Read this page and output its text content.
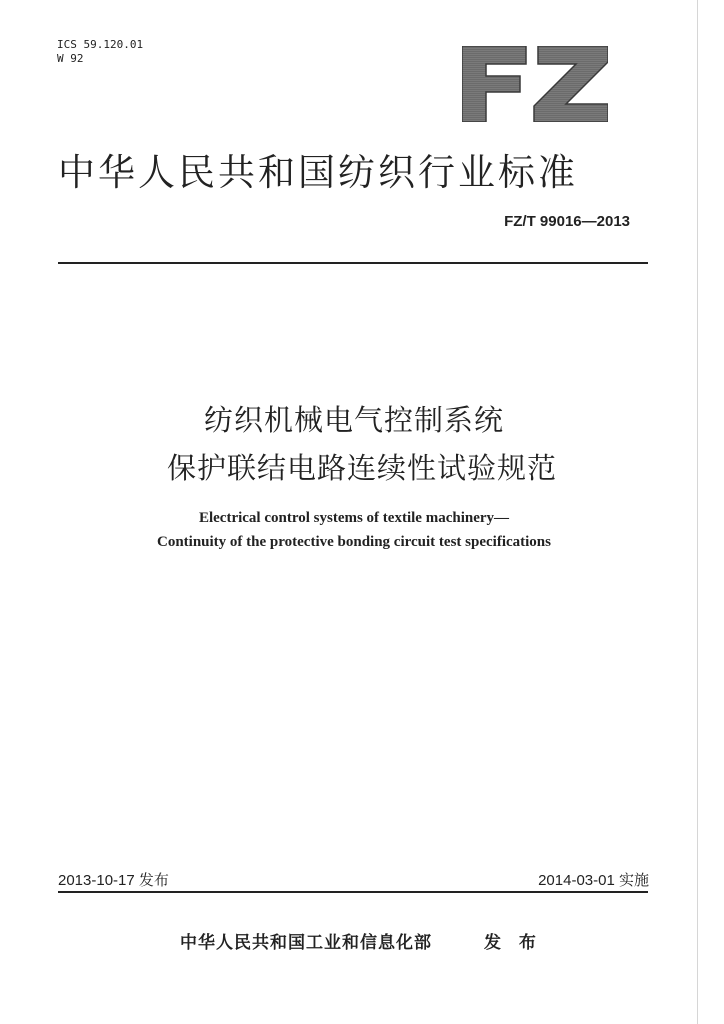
ICS 59.120.01
W 92
中华人民共和国纺织行业标准
FZ/T 99016—2013
纺织机械电气控制系统
保护联结电路连续性试验规范
Electrical control systems of textile machinery—
Continuity of the protective bonding circuit test specifications
2013-10-17 发布	2014-03-01 实施
中华人民共和国工业和信息化部	发 布
